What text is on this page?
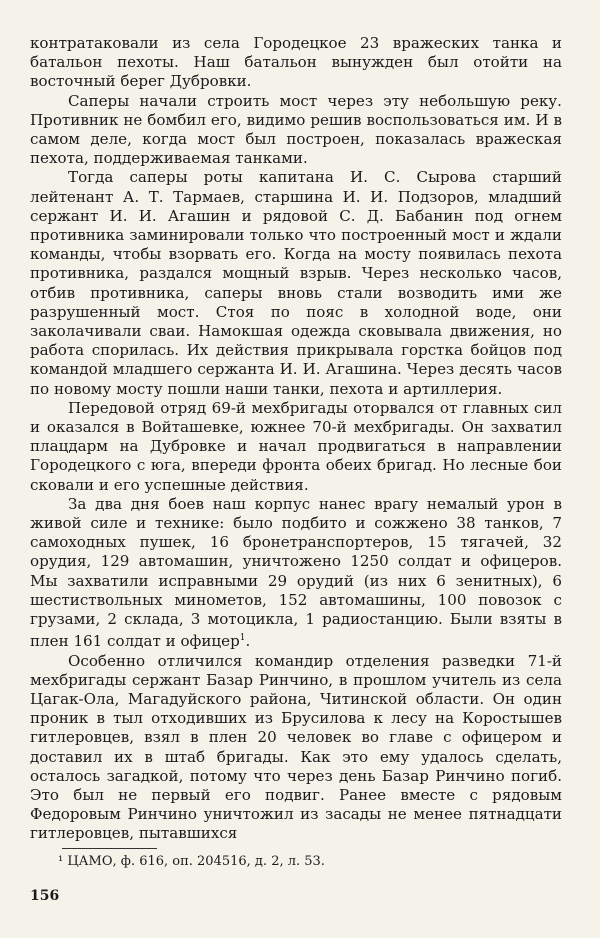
контратаковали из села Городецкое 23 вражеских танка и батальон пехоты. Наш батальон вынужден был отойти на восточный берег Дубровки.

Саперы начали строить мост через эту небольшую реку. Противник не бомбил его, видимо решив воспользоваться им. И в самом деле, когда мост был построен, показалась вражеская пехота, поддерживаемая танками.

Тогда саперы роты капитана И. С. Сырова старший лейтенант А. Т. Тармаев, старшина И. И. Подзоров, младший сержант И. И. Агашин и рядовой С. Д. Бабанин под огнем противника заминировали только что построенный мост и ждали команды, чтобы взорвать его. Когда на мосту появилась пехота противника, раздался мощный взрыв. Через несколько часов, отбив противника, саперы вновь стали возводить ими же разрушенный мост. Стоя по пояс в холодной воде, они заколачивали сваи. Намокшая одежда сковывала движения, но работа спорилась. Их действия прикрывала горстка бойцов под командой младшего сержанта И. И. Агашина. Через десять часов по новому мосту пошли наши танки, пехота и артиллерия.

Передовой отряд 69-й мехбригады оторвался от главных сил и оказался в Войташевке, южнее 70-й мехбригады. Он захватил плацдарм на Дубровке и начал продвигаться в направлении Городецкого с юга, впереди фронта обеих бригад. Но лесные бои сковали и его успешные действия.

За два дня боев наш корпус нанес врагу немалый урон в живой силе и технике: было подбито и сожжено 38 танков, 7 самоходных пушек, 16 бронетранспортеров, 15 тягачей, 32 орудия, 129 автомашин, уничтожено 1250 солдат и офицеров. Мы захватили исправными 29 орудий (из них 6 зенитных), 6 шестиствольных минометов, 152 автомашины, 100 повозок с грузами, 2 склада, 3 мотоцикла, 1 радиостанцию. Были взяты в плен 161 солдат и офицер$^1$.

Особенно отличился командир отделения разведки 71-й мехбригады сержант Базар Ринчино, в прошлом учитель из села Цагак-Ола, Магадуйского района, Читинской области. Он один проник в тыл отходивших из Брусилова к лесу на Коростышев гитлеровцев, взял в плен 20 человек во главе с офицером и доставил их в штаб бригады. Как это ему удалось сделать, осталось загадкой, потому что через день Базар Ринчино погиб. Это был не первый его подвиг. Ранее вместе с рядовым Федоровым Ринчино уничтожил из засады не менее пятнадцати гитлеровцев, пытавшихся

¹ ЦАМО, ф. 616, оп. 204516, д. 2, л. 53.
156
